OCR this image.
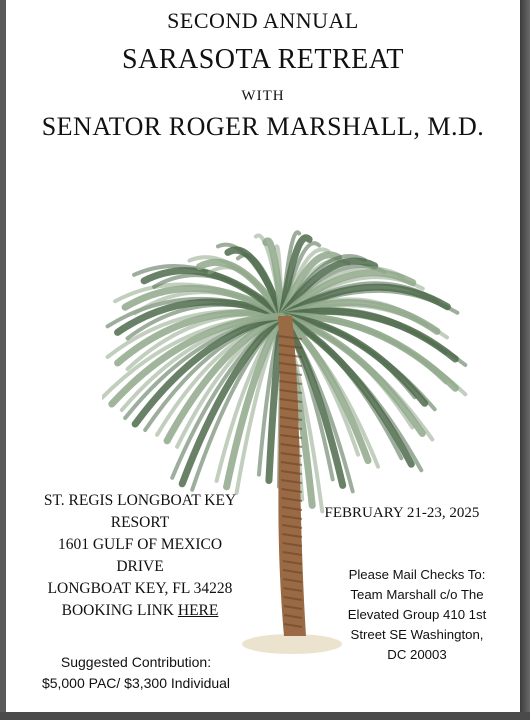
SECOND ANNUAL
SARASOTA RETREAT
WITH
SENATOR ROGER MARSHALL, M.D.
ST. REGIS LONGBOAT KEY
RESORT
1601 GULF OF MEXICO
DRIVE
LONGBOAT KEY, FL 34228
BOOKING LINK HERE
FEBRUARY 21-23, 2025
Please Mail Checks To:
Team Marshall c/o The
Elevated Group 410 1st
Street SE Washington,
DC 20003
Suggested Contribution:
$5,000 PAC/ $3,300 Individual
